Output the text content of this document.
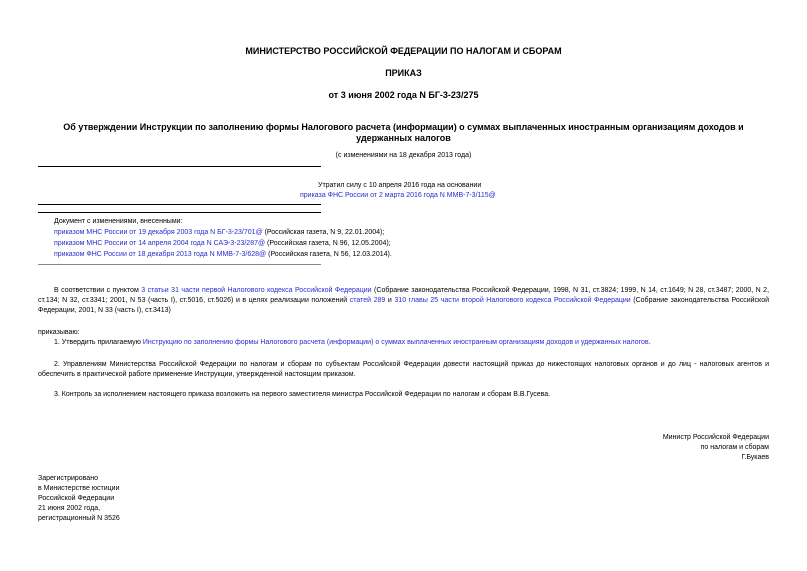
МИНИСТЕРСТВО РОССИЙСКОЙ ФЕДЕРАЦИИ ПО НАЛОГАМ И СБОРАМ
ПРИКАЗ
от 3 июня 2002 года N БГ-3-23/275
Об утверждении Инструкции по заполнению формы Налогового расчета (информации) о суммах выплаченных иностранным организациям доходов и удержанных налогов
(с изменениями на 18 декабря 2013 года)
Утратил силу с 10 апреля 2016 года на основании
приказа ФНС России от 2 марта 2016 года N ММВ-7-3/115@
Документ с изменениями, внесенными:
приказом МНС России от 19 декабря 2003 года N БГ-3-23/701@ (Российская газета, N 9, 22.01.2004);
приказом МНС России от 14 апреля 2004 года N САЭ-3-23/287@ (Российская газета, N 96, 12.05.2004);
приказом ФНС России от 18 декабря 2013 года N ММВ-7-3/628@ (Российская газета, N 56, 12.03.2014).
В соответствии с пунктом 3 статьи 31 части первой Налогового кодекса Российской Федерации (Собрание законодательства Российской Федерации, 1998, N 31, ст.3824; 1999, N 14, ст.1649; N 28, ст.3487; 2000, N 2, ст.134; N 32, ст.3341; 2001, N 53 (часть I), ст.5016, ст.5026) и в целях реализации положений статей 289 и 310 главы 25 части второй Налогового кодекса Российской Федерации (Собрание законодательства Российской Федерации, 2001, N 33 (часть I), ст.3413)
приказываю:
1. Утвердить прилагаемую Инструкцию по заполнению формы Налогового расчета (информации) о суммах выплаченных иностранным организациям доходов и удержанных налогов.
2. Управлениям Министерства Российской Федерации по налогам и сборам по субъектам Российской Федерации довести настоящий приказ до нижестоящих налоговых органов и до лиц - налоговых агентов и обеспечить в практической работе применение Инструкции, утвержденной настоящим приказом.
3. Контроль за исполнением настоящего приказа возложить на первого заместителя министра Российской Федерации по налогам и сборам В.В.Гусева.
Министр Российской Федерации
по налогам и сборам
Г.Букаев
Зарегистрировано
в Министерстве юстиции
Российской Федерации
21 июня 2002 года,
регистрационный N 3526
